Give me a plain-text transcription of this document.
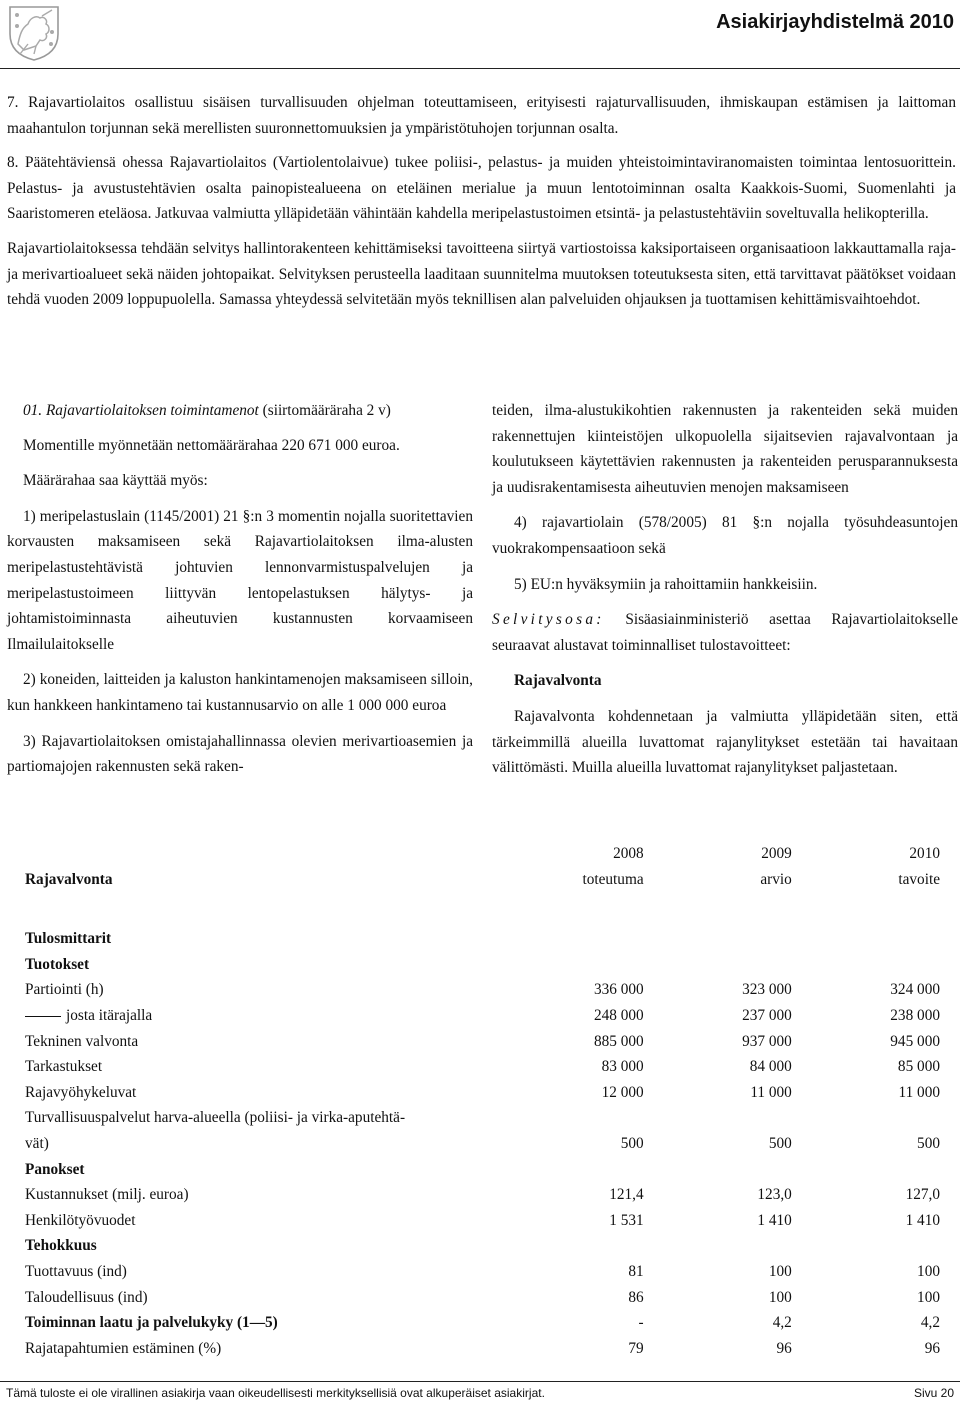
Asiakirjayhdistelmä 2010

7. Rajavartiolaitos osallistuu sisäisen turvallisuuden ohjelman toteuttamiseen, erityisesti rajaturvallisuuden, ihmiskaupan estämisen ja laittoman maahantulon torjunnan sekä merellisten suuronnettomuuksien ja ympäristötuhojen torjunnan osalta.

8. Päätehtäviensä ohessa Rajavartiolaitos (Vartiolentolaivue) tukee poliisi-, pelastus- ja muiden yhteistoimintaviranomaisten toimintaa lentosuorittein. Pelastus- ja avustustehtävien osalta painopistealueena on eteläinen merialue ja muun lentotoiminnan osalta Kaakkois-Suomi, Suomenlahti ja Saaristomeren eteläosa. Jatkuvaa valmiutta ylläpidetään vähintään kahdella meripelastustoimen etsintä- ja pelastustehtäviin soveltuvalla helikopterilla.

Rajavartiolaitoksessa tehdään selvitys hallintorakenteen kehittämiseksi tavoitteena siirtyä vartiostoissa kaksiportaiseen organisaatioon lakkauttamalla raja- ja merivartioalueet sekä näiden johtopaikat. Selvityksen perusteella laaditaan suunnitelma muutoksen toteutuksesta siten, että tarvittavat päätökset voidaan tehdä vuoden 2009 loppupuolella. Samassa yhteydessä selvitetään myös teknillisen alan palveluiden ohjauksen ja tuottamisen kehittämisvaihtoehdot.

01. Rajavartiolaitoksen toimintamenot (siirtomääräraha 2 v)

Momentille myönnetään nettomäärärahaa 220 671 000 euroa.

Määrärahaa saa käyttää myös:

1) meripelastuslain (1145/2001) 21 §:n 3 momentin nojalla suoritettavien korvausten maksamiseen sekä Rajavartiolaitoksen ilma-alusten meripelastustehtävistä johtuvien lennonvarmistuspalvelujen ja meripelastustoimeen liittyvän lentopelastuksen hälytys- ja johtamistoiminnasta aiheutuvien kustannusten korvaamiseen Ilmailulaitokselle

2) koneiden, laitteiden ja kaluston hankintamenojen maksamiseen silloin, kun hankkeen hankintameno tai kustannusarvio on alle 1 000 000 euroa

3) Rajavartiolaitoksen omistajahallinnassa olevien merivartioasemien ja partiomajojen rakennusten sekä raken-

teiden, ilma-alustukikohtien rakennusten ja rakenteiden sekä muiden rakennettujen kiinteistöjen ulkopuolella sijaitsevien rajavalvontaan ja koulutukseen käytettävien rakennusten ja rakenteiden perusparannuksesta ja uudisrakentamisesta aiheutuvien menojen maksamiseen

4) rajavartiolain (578/2005) 81 §:n nojalla työsuhdeasuntojen vuokrakompensaatioon sekä

5) EU:n hyväksymiin ja rahoittamiin hankkeisiin.

Selvitysosa: Sisäasiainministeriö asettaa Rajavartiolaitokselle seuraavat alustavat toiminnalliset tulostavoitteet:

Rajavalvonta

Rajavalvonta kohdennetaan ja valmiutta ylläpidetään siten, että tärkeimmillä alueilla luvattomat rajanylitykset estetään tai havaitaan välittömästi. Muilla alueilla luvattomat rajanylitykset paljastetaan.

	2008	2009	2010
Rajavalvonta	toteutuma	arvio	tavoite

Tulosmittarit			
Tuotokset			
Partiointi (h)	336 000	323 000	324 000
josta itärajalla	248 000	237 000	238 000
Tekninen valvonta	885 000	937 000	945 000
Tarkastukset	83 000	84 000	85 000
Rajavyöhykeluvat	12 000	11 000	11 000
Turvallisuuspalvelut harva-alueella (poliisi- ja virka-aputehtä-			
vät)	500	500	500
Panokset			
Kustannukset (milj. euroa)	121,4	123,0	127,0
Henkilötyövuodet	1 531	1 410	1 410
Tehokkuus			
Tuottavuus (ind)	81	100	100
Taloudellisuus (ind)	86	100	100
Toiminnan laatu ja palvelukyky (1—5)	-	4,2	4,2
Rajatapahtumien estäminen (%)	79	96	96
Tämä tuloste ei ole virallinen asiakirja vaan oikeudellisesti merkityksellisiä ovat alkuperäiset asiakirjat.	Sivu 20
